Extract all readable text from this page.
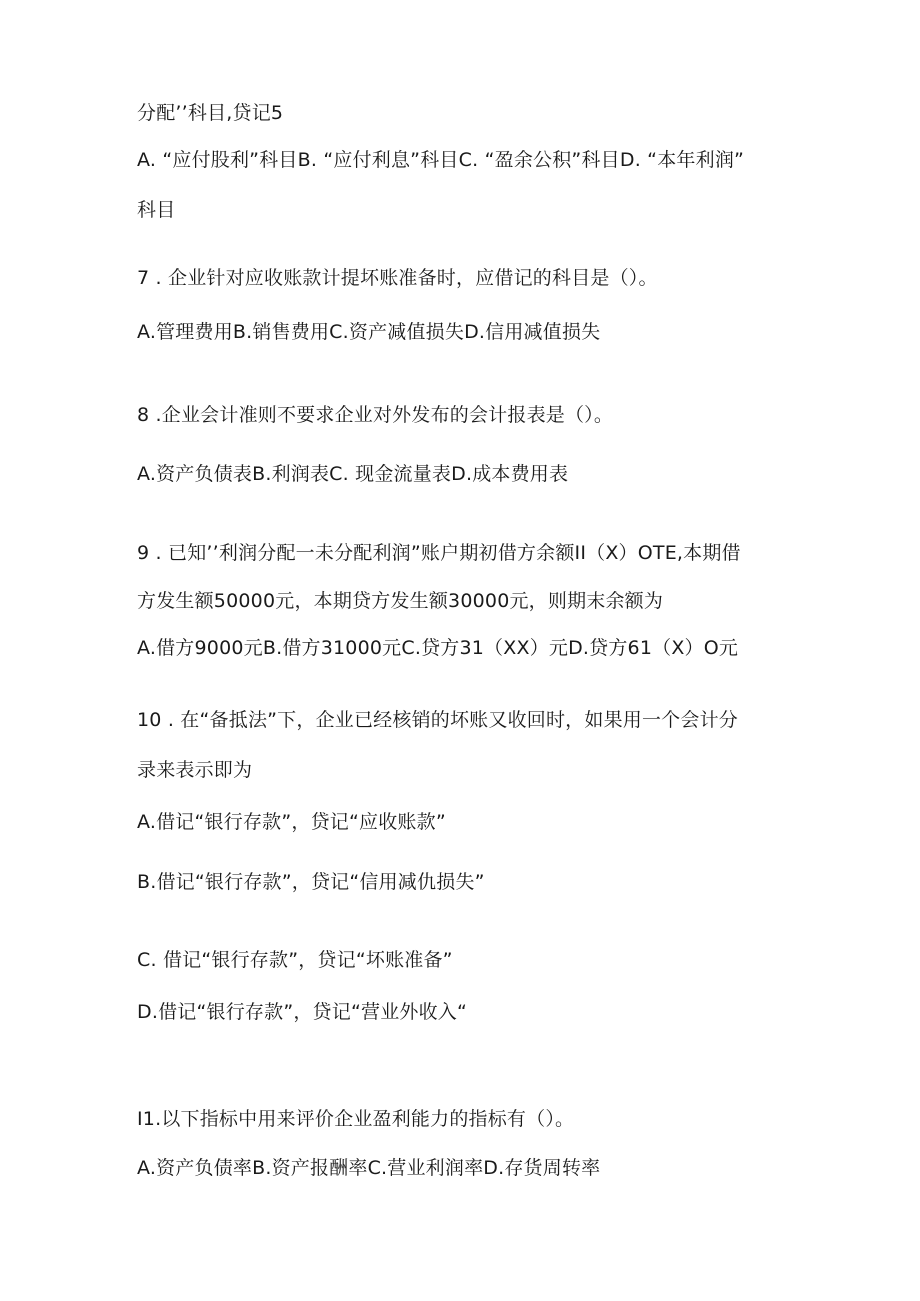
分配’’科目,贷记5
A. “应付股利”科目B. “应付利息”科目C. “盈余公积”科目D. “本年利润”
科目
7 . 企业针对应收账款计提坏账准备时，应借记的科目是（）。
A.管理费用B.销售费用C.资产减值损失D.信用减值损失
8 .企业会计准则不要求企业对外发布的会计报表是（）。
A.资产负债表B.利润表C. 现金流量表D.成本费用表
9 . 已知’’利润分配一未分配利润”账户期初借方余额II（X）OTE,本期借
方发生额50000元，本期贷方发生额30000元，则期末余额为
A.借方9000元B.借方31000元C.贷方31（XX）元D.贷方61（X）O元
10 . 在“备抵法”下，企业已经核销的坏账又收回时，如果用一个会计分
录来表示即为
A.借记“银行存款”，贷记“应收账款”
B.借记“银行存款”，贷记“信用减仇损失”
C. 借记“银行存款”，贷记“坏账准备”
D.借记“银行存款”，贷记“营业外收入“
I1.以下指标中用来评价企业盈利能力的指标有（）。
A.资产负债率B.资产报酬率C.营业利润率D.存货周转率
